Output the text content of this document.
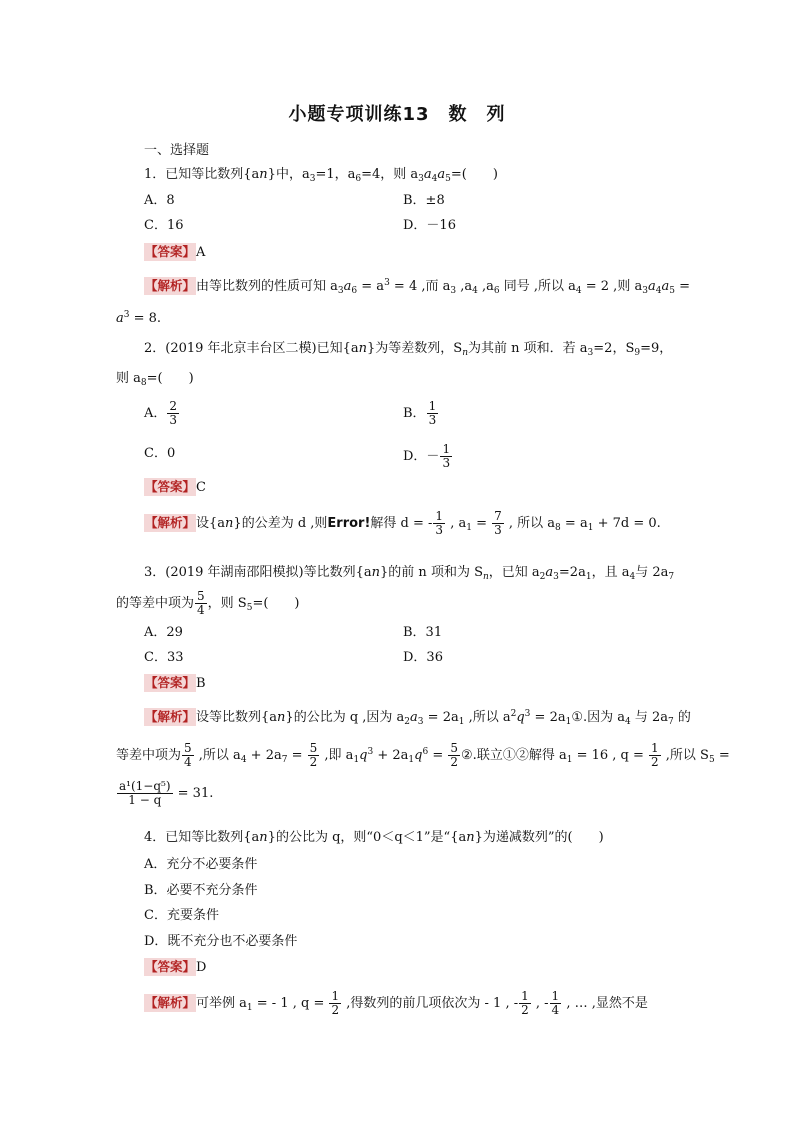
小题专项训练13　数　列
一、选择题
1．已知等比数列{an}中，$a_3=1$，$a_6=4$，则 $a_3a_4a_5=$(　　)
A．8	B．±8
C．16	D．－16
【答案】A
【解析】由等比数列的性质可知 $a_3a_6 = a^3 = 4$ ,而 $a_3$ $,a_4$ $,a_6$ 同号 ,所以 $a_4 = 2$ ,则 $a_3a_4a_5$ =
$a^3 = 8$.
2．(2019 年北京丰台区二模)已知{an}为等差数列，$S_n$为其前 n 项和．若 $a_3=2$，$S_9=9$，
则 $a_8=$(　　)
A． $\frac{2}{3}$	B． $\frac{1}{3}$
C．0	D．－ $\frac{1}{3}$
【答案】C
【解析】设{an}的公差为 d ,则Error!解得 d = - $\frac{1}{3}$ , $a_1 = \frac{7}{3}$ , 所以 $a_8 = a_1 + 7d = 0$.
3．(2019 年湖南邵阳模拟)等比数列{an}的前 n 项和为 $S_n$，已知 $a_2a_3=2a_1$，且 $a_4$与 $2a_7$
的等差中项为 $\frac{5}{4}$ ，则 $S_5=$(　　)
A．29	B．31
C．33	D．36
【答案】B
【解析】设等比数列{an}的公比为 q ,因为 $a_2a_3 = 2a_1$ ,所以 $a^2q^3$ = $2a_1①$.因为 $a_4$ 与 $2a_7$ 的
等差中项为 $\frac{5}{4}$ ,所以 $a_4 + 2a_7 = \frac{5}{2}$ ,即 $a_1q^3 + 2a_1q^6 = \frac{5}{2}$ ②.联立①②解得 $a_1 = 16$ , $q = \frac{1}{2}$ ,所以 $S_5$ =
$\frac{\text{a¹(1−q⁵)}}{1 - q} = 31$.
4．已知等比数列{an}的公比为 q，则“0＜q＜1”是“{an}为递减数列”的(　　)
A．充分不必要条件
B．必要不充分条件
C．充要条件
D．既不充分也不必要条件
【答案】D
【解析】可举例 $a_1$ = - 1 , $q = \frac{1}{2}$ ,得数列的前几项依次为 - 1 , - $\frac{1}{2}$ , - $\frac{1}{4}$ , … ,显然不是
